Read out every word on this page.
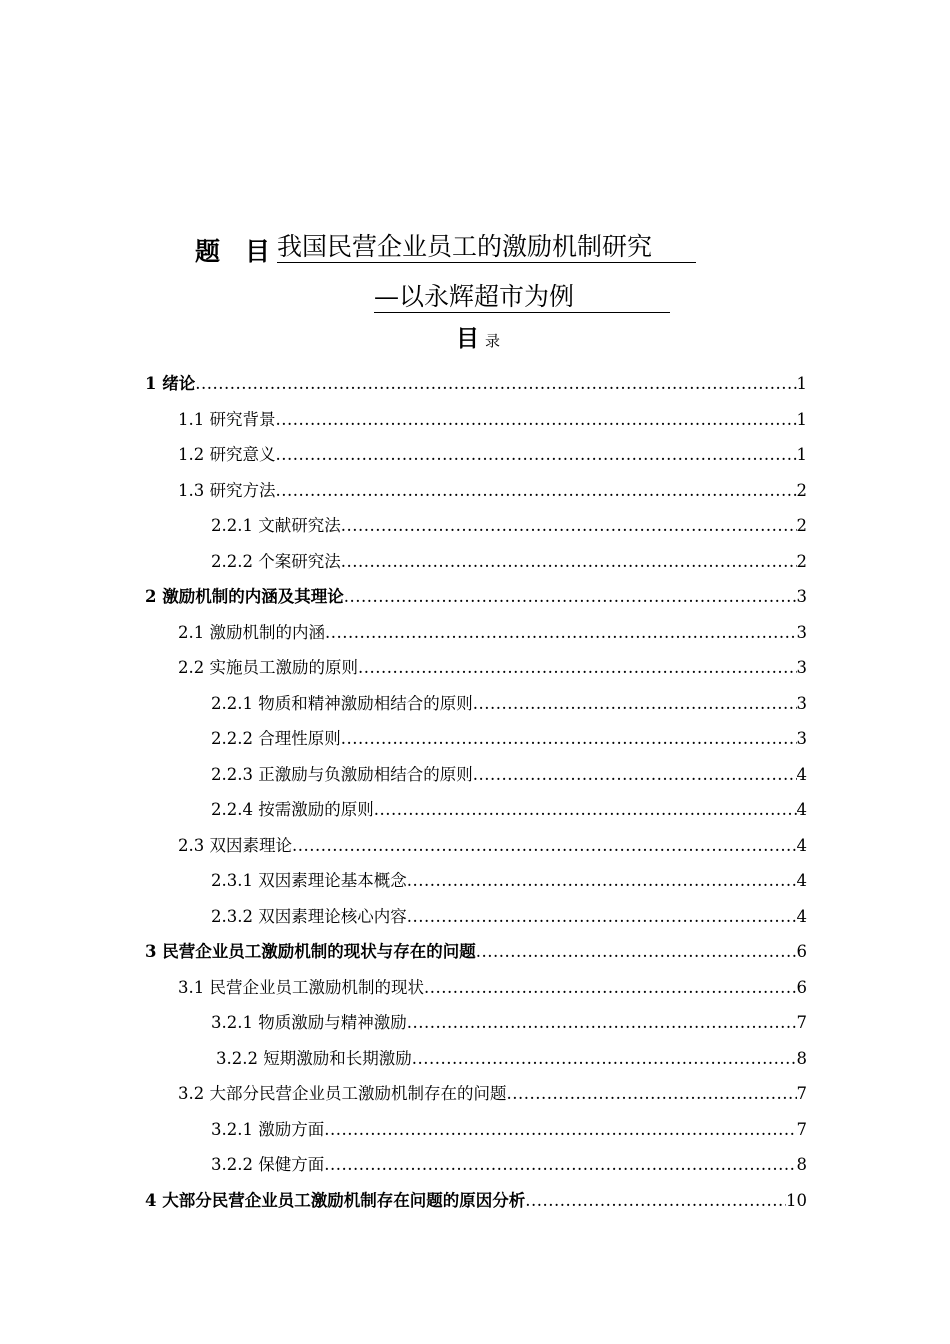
题　目 我国民营企业员工的激励机制研究
—以永辉超市为例
目录
1 绪论 .....	1
1.1 研究背景 .....	1
1.2 研究意义 .....	1
1.3 研究方法 .....	2
2.2.1 文献研究法 .....	2
2.2.2 个案研究法 .....	2
2 激励机制的内涵及其理论 .....	3
2.1 激励机制的内涵 .....	3
2.2 实施员工激励的原则 .....	3
2.2.1 物质和精神激励相结合的原则 .....	3
2.2.2 合理性原则 .....	3
2.2.3 正激励与负激励相结合的原则 .....	4
2.2.4 按需激励的原则 .....	4
2.3 双因素理论 .....	4
2.3.1 双因素理论基本概念 .....	4
2.3.2 双因素理论核心内容 .....	4
3 民营企业员工激励机制的现状与存在的问题 .....	6
3.1 民营企业员工激励机制的现状 .....	6
3.2.1 物质激励与精神激励 .....	7
3.2.2 短期激励和长期激励 .....	8
3.2 大部分民营企业员工激励机制存在的问题 .....	7
3.2.1 激励方面 .....	7
3.2.2 保健方面 .....	8
4 大部分民营企业员工激励机制存在问题的原因分析 .....	10
